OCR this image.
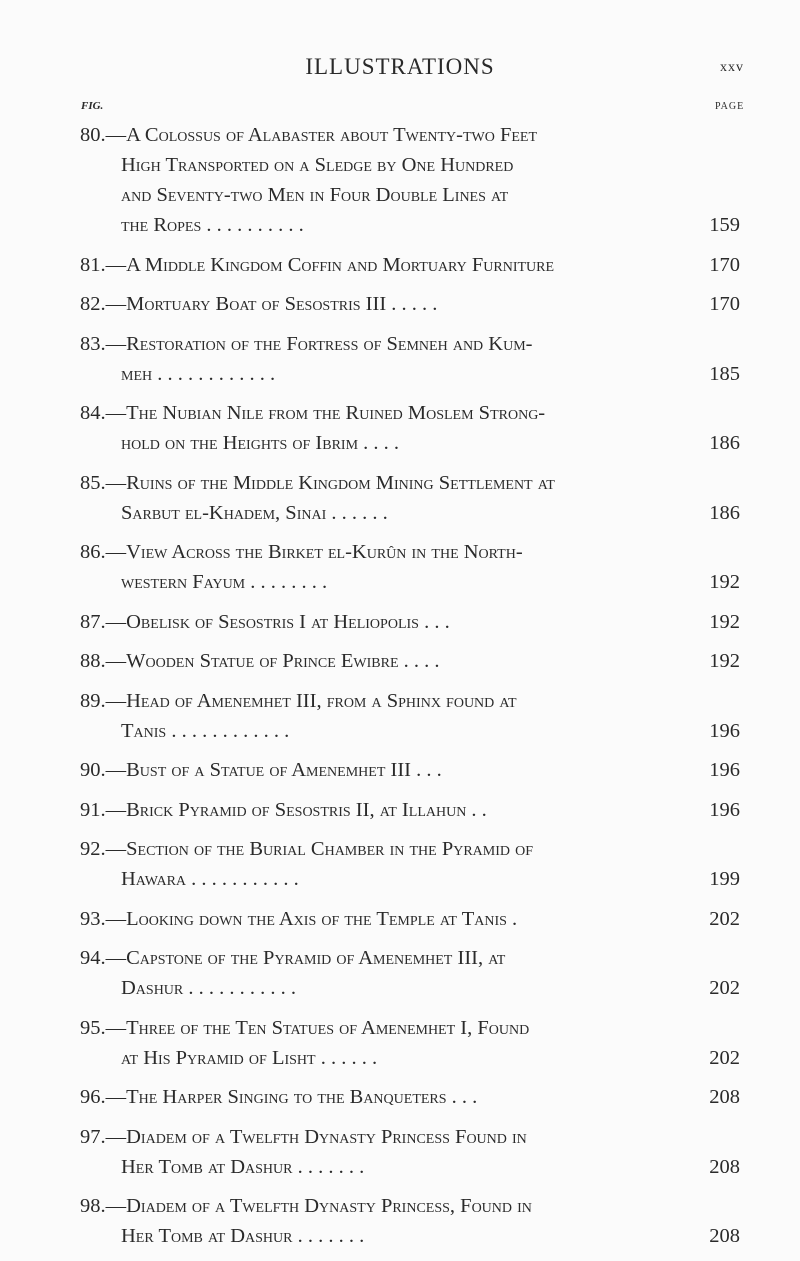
ILLUSTRATIONS	xxv
FIG.	PAGE
80.—A Colossus of Alabaster about Twenty-two Feet
High Transported on a Sledge by One Hundred
and Seventy-two Men in Four Double Lines at
the Ropes . . . . . . . . . .	159
81.—A Middle Kingdom Coffin and Mortuary Furniture	170
82.—Mortuary Boat of Sesostris III . . . . .	170
83.—Restoration of the Fortress of Semneh and Kum-
meh . . . . . . . . . . . .	185
84.—The Nubian Nile from the Ruined Moslem Strong-
hold on the Heights of Ibrim . . . .	186
85.—Ruins of the Middle Kingdom Mining Settlement at
Sarbut el-Khadem, Sinai . . . . . .	186
86.—View Across the Birket el-Kurûn in the North-
western Fayum . . . . . . . .	192
87.—Obelisk of Sesostris I at Heliopolis . . .	192
88.—Wooden Statue of Prince Ewibre . . . .	192
89.—Head of Amenemhet III, from a Sphinx found at
Tanis . . . . . . . . . . . .	196
90.—Bust of a Statue of Amenemhet III . . .	196
91.—Brick Pyramid of Sesostris II, at Illahun . .	196
92.—Section of the Burial Chamber in the Pyramid of
Hawara . . . . . . . . . . .	199
93.—Looking down the Axis of the Temple at Tanis .	202
94.—Capstone of the Pyramid of Amenemhet III, at
Dashur . . . . . . . . . . .	202
95.—Three of the Ten Statues of Amenemhet I, Found
at His Pyramid of Lisht . . . . . .	202
96.—The Harper Singing to the Banqueters . . .	208
97.—Diadem of a Twelfth Dynasty Princess Found in
Her Tomb at Dashur . . . . . . .	208
98.—Diadem of a Twelfth Dynasty Princess, Found in
Her Tomb at Dashur . . . . . . .	208
